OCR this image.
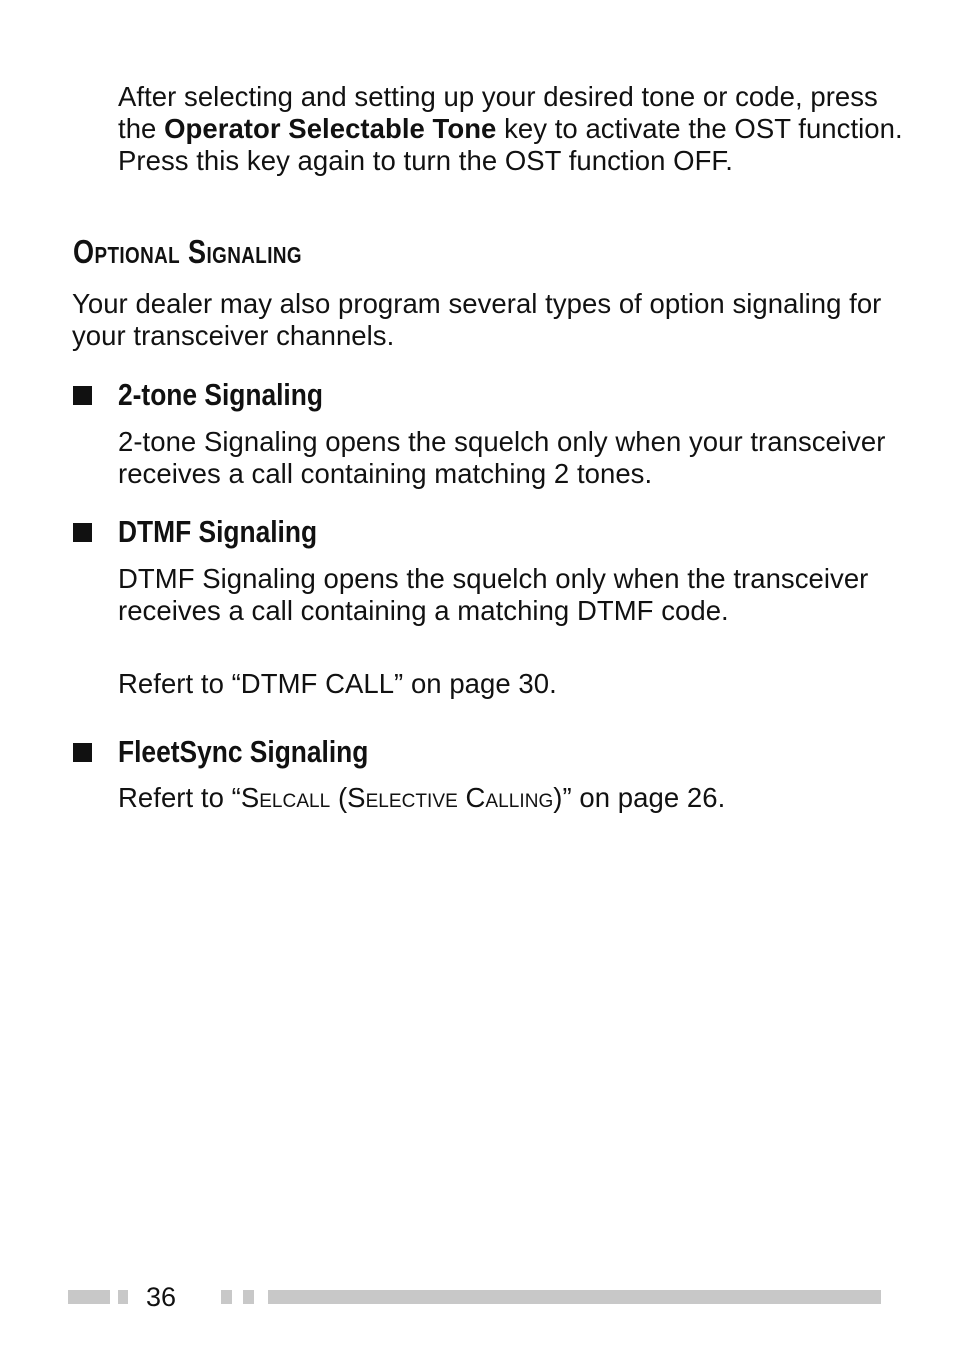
After selecting and setting up your desired tone or code, press the Operator Selectable Tone key to activate the OST function. Press this key again to turn the OST function OFF.

Optional Signaling

Your dealer may also program several types of option signaling for your transceiver channels.

2-tone Signaling

2-tone Signaling opens the squelch only when your transceiver receives a call containing matching 2 tones.

DTMF Signaling

DTMF Signaling opens the squelch only when the transceiver receives a call containing a matching DTMF code.

Refert to “DTMF CALL” on page 30.

FleetSync Signaling

Refert to “Selcall (Selective Calling)” on page 26.

36
